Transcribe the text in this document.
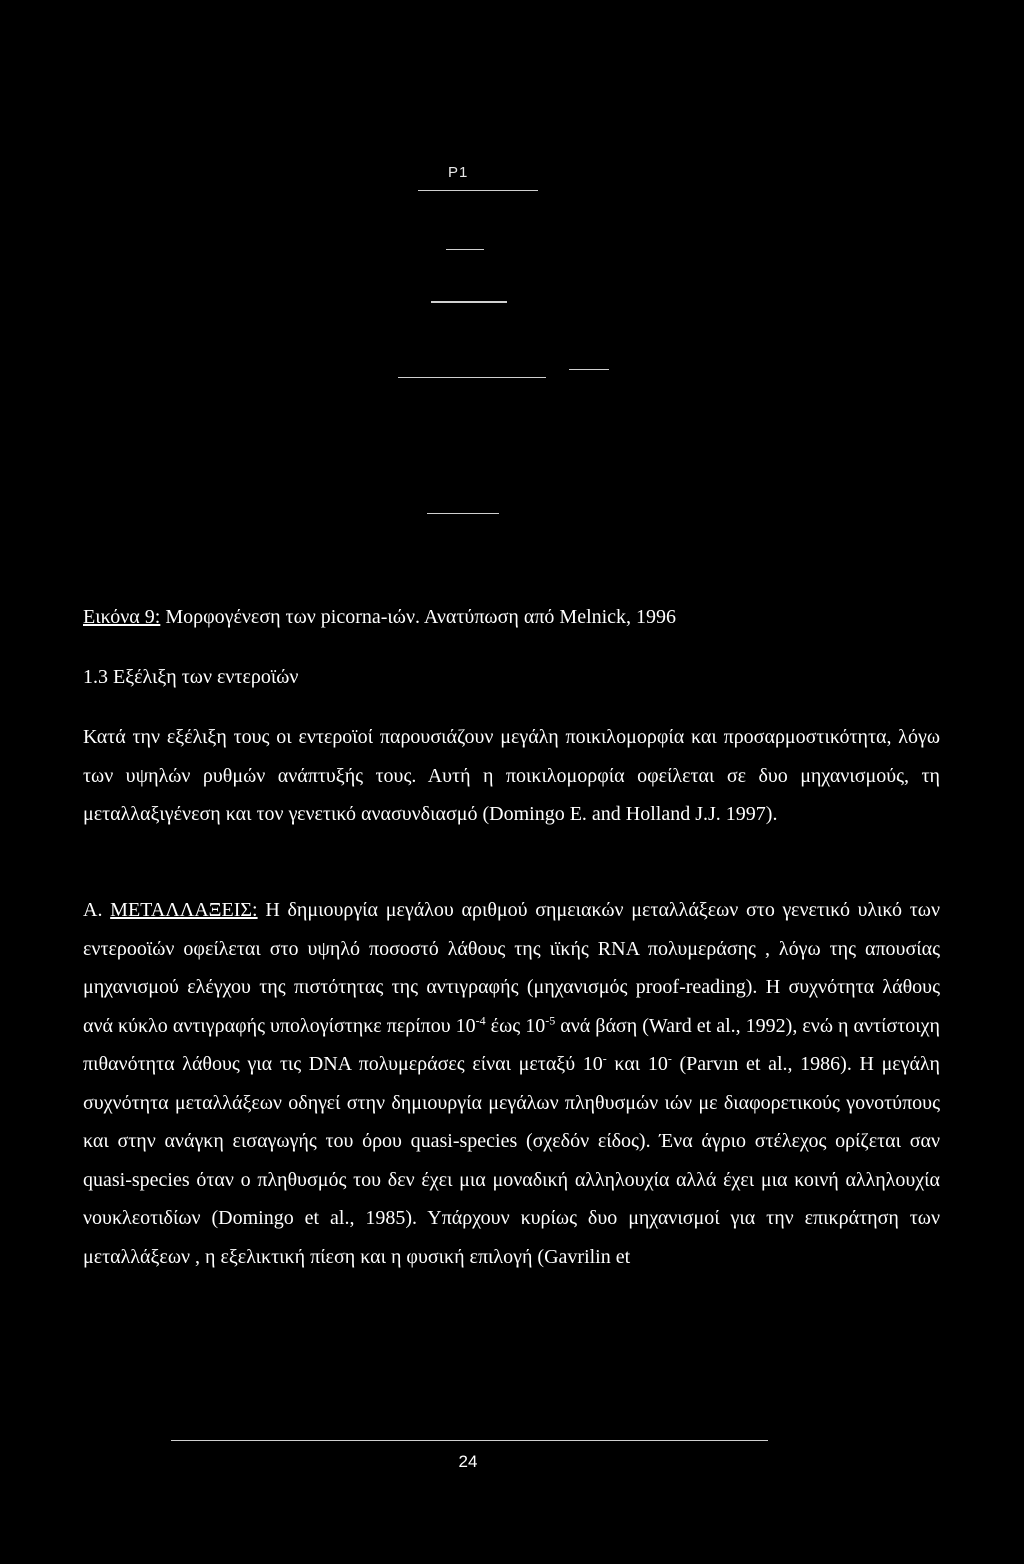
P1
Εικόνα 9: Μορφογένεση των picorna-ιών. Ανατύπωση από Melnick, 1996
1.3 Εξέλιξη των εντεροϊών
Κατά την εξέλιξη τους οι εντεροϊοί παρουσιάζουν μεγάλη ποικιλομορφία και προσαρμοστικότητα, λόγω των υψηλών ρυθμών ανάπτυξής τους. Αυτή η ποικιλομορφία οφείλεται σε δυο μηχανισμούς, τη μεταλλαξιγένεση και τον γενετικό ανασυνδιασμό (Domingo E. and Holland J.J. 1997).
Α. ΜΕΤΑΛΛΑΞΕΙΣ: Η δημιουργία μεγάλου αριθμού σημειακών μεταλλάξεων στο γενετικό υλικό των εντεροοϊών οφείλεται στο υψηλό ποσοστό λάθους της ιϊκής RNA πολυμεράσης , λόγω της απουσίας μηχανισμού ελέγχου της πιστότητας της αντιγραφής (μηχανισμός proof-reading). Η συχνότητα λάθους ανά κύκλο αντιγραφής υπολογίστηκε περίπου $10^{-4}$ έως $10^{-5}$ ανά βάση (Ward et al., 1992), ενώ η αντίστοιχη πιθανότητα λάθους για τις DNA πολυμεράσες είναι μεταξύ 10- και 10- (Parvın et al., 1986). Η μεγάλη συχνότητα μεταλλάξεων οδηγεί στην δημιουργία μεγάλων πληθυσμών ιών με διαφορετικούς γονοτύπους και στην ανάγκη εισαγωγής του όρου quasi-species (σχεδόν είδος). Ένα άγριο στέλεχος ορίζεται σαν quasi-species όταν ο πληθυσμός του δεν έχει μια μοναδική αλληλουχία αλλά έχει μια κοινή αλληλουχία νουκλεοτιδίων (Domingo et al., 1985). Υπάρχουν κυρίως δυο μηχανισμοί για την επικράτηση των μεταλλάξεων , η εξελικτική πίεση και η φυσική επιλογή (Gavrilin et
24
